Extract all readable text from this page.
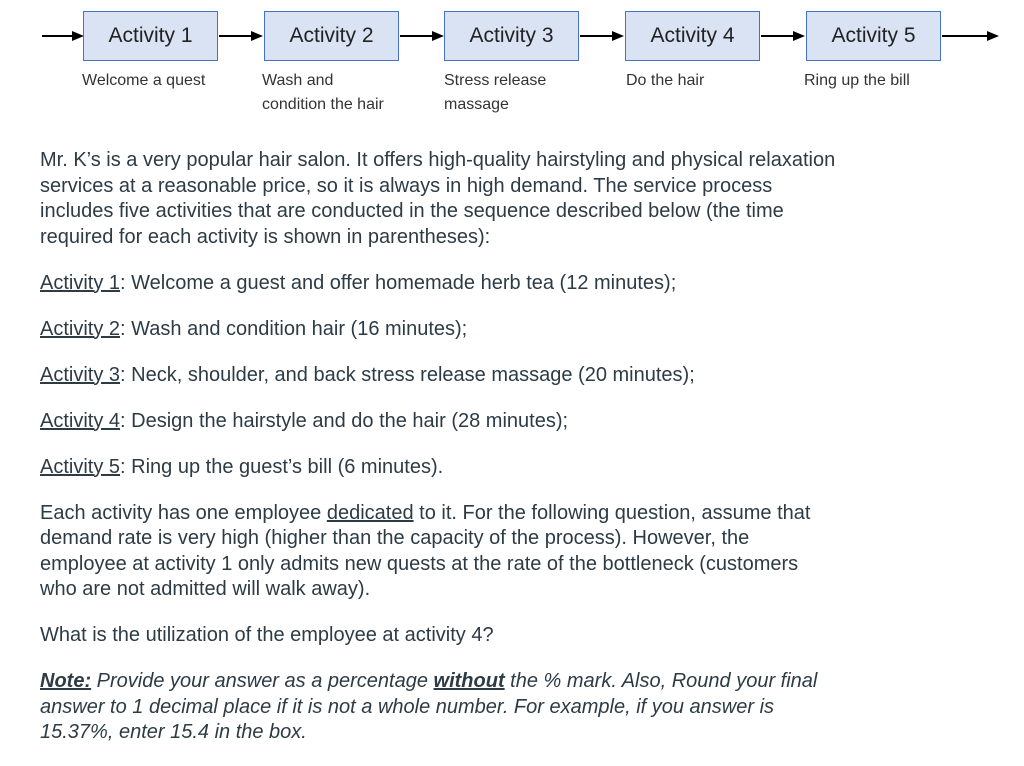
Activity 1	Activity 2	Activity 3	Activity 4	Activity 5
Welcome a quest	Wash and
condition the hair
Stress release
massage
Do the hair	Ring up the bill

Mr. K’s is a very popular hair salon. It offers high-quality hairstyling and physical relaxation services at a reasonable price, so it is always in high demand. The service process includes five activities that are conducted in the sequence described below (the time required for each activity is shown in parentheses):

Activity 1: Welcome a guest and offer homemade herb tea (12 minutes);

Activity 2: Wash and condition hair (16 minutes);

Activity 3: Neck, shoulder, and back stress release massage (20 minutes);

Activity 4: Design the hairstyle and do the hair (28 minutes);

Activity 5: Ring up the guest’s bill (6 minutes).

Each activity has one employee dedicated to it. For the following question, assume that demand rate is very high (higher than the capacity of the process). However, the employee at activity 1 only admits new quests at the rate of the bottleneck (customers who are not admitted will walk away).

What is the utilization of the employee at activity 4?

Note: Provide your answer as a percentage without the % mark. Also, Round your final answer to 1 decimal place if it is not a whole number. For example, if you answer is 15.37%, enter 15.4 in the box.
